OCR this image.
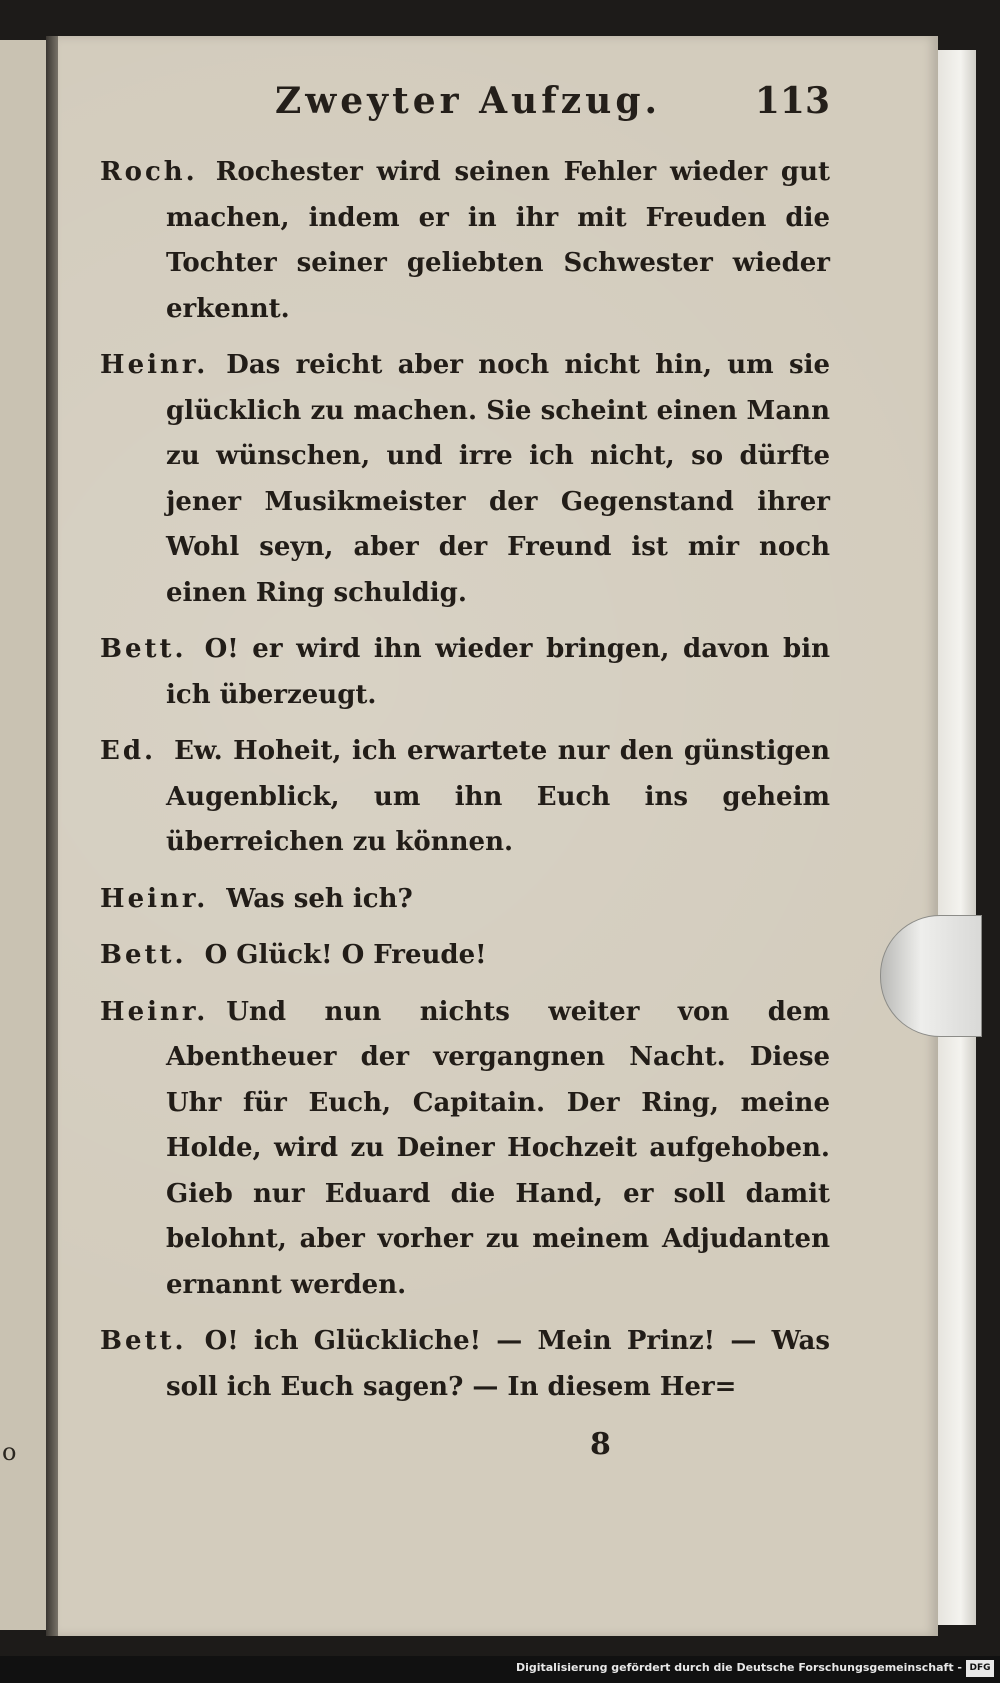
o
Zweyter Aufzug.	113

Roch. Rochester wird seinen Fehler wieder gut machen, indem er in ihr mit Freuden die Tochter seiner geliebten Schwester wieder erkennt.

Heinr. Das reicht aber noch nicht hin, um sie glücklich zu machen. Sie scheint einen Mann zu wünschen, und irre ich nicht, so dürfte jener Musikmeister der Gegenstand ihrer Wohl seyn, aber der Freund ist mir noch einen Ring schuldig.

Bett. O! er wird ihn wieder bringen, davon bin ich überzeugt.

Ed. Ew. Hoheit, ich erwartete nur den günstigen Augenblick, um ihn Euch ins geheim überreichen zu können.

Heinr. Was seh ich?

Bett. O Glück! O Freude!

Heinr. Und nun nichts weiter von dem Abentheuer der vergangnen Nacht. Diese Uhr für Euch, Capitain. Der Ring, meine Holde, wird zu Deiner Hochzeit aufgehoben. Gieb nur Eduard die Hand, er soll damit belohnt, aber vorher zu meinem Adjudanten ernannt werden.

Bett. O! ich Glückliche! — Mein Prinz! — Was soll ich Euch sagen? — In diesem Her=

8
Digitalisierung gefördert durch die Deutsche Forschungsgemeinschaft - DFG
